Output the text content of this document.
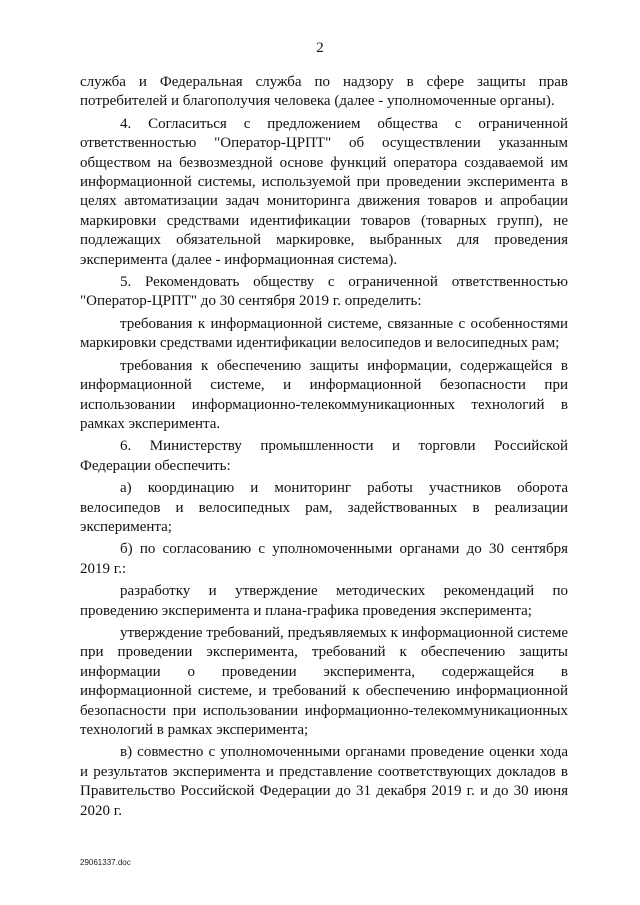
2

служба и Федеральная служба по надзору в сфере защиты прав потребителей и благополучия человека (далее - уполномоченные органы).

4. Согласиться с предложением общества с ограниченной ответственностью "Оператор-ЦРПТ" об осуществлении указанным обществом на безвозмездной основе функций оператора создаваемой им информационной системы, используемой при проведении эксперимента в целях автоматизации задач мониторинга движения товаров и апробации маркировки средствами идентификации товаров (товарных групп), не подлежащих обязательной маркировке, выбранных для проведения эксперимента (далее - информационная система).

5. Рекомендовать обществу с ограниченной ответственностью "Оператор-ЦРПТ" до 30 сентября 2019 г. определить:

требования к информационной системе, связанные с особенностями маркировки средствами идентификации велосипедов и велосипедных рам;

требования к обеспечению защиты информации, содержащейся в информационной системе, и информационной безопасности при использовании информационно-телекоммуникационных технологий в рамках эксперимента.

6. Министерству промышленности и торговли Российской Федерации обеспечить:

а) координацию и мониторинг работы участников оборота велосипедов и велосипедных рам, задействованных в реализации эксперимента;

б) по согласованию с уполномоченными органами до 30 сентября 2019 г.:

разработку и утверждение методических рекомендаций по проведению эксперимента и плана-графика проведения эксперимента;

утверждение требований, предъявляемых к информационной системе при проведении эксперимента, требований к обеспечению защиты информации о проведении эксперимента, содержащейся в информационной системе, и требований к обеспечению информационной безопасности при использовании информационно-телекоммуникационных технологий в рамках эксперимента;

в) совместно с уполномоченными органами проведение оценки хода и результатов эксперимента и представление соответствующих докладов в Правительство Российской Федерации до 31 декабря 2019 г. и до 30 июня 2020 г.

29061337.doc
